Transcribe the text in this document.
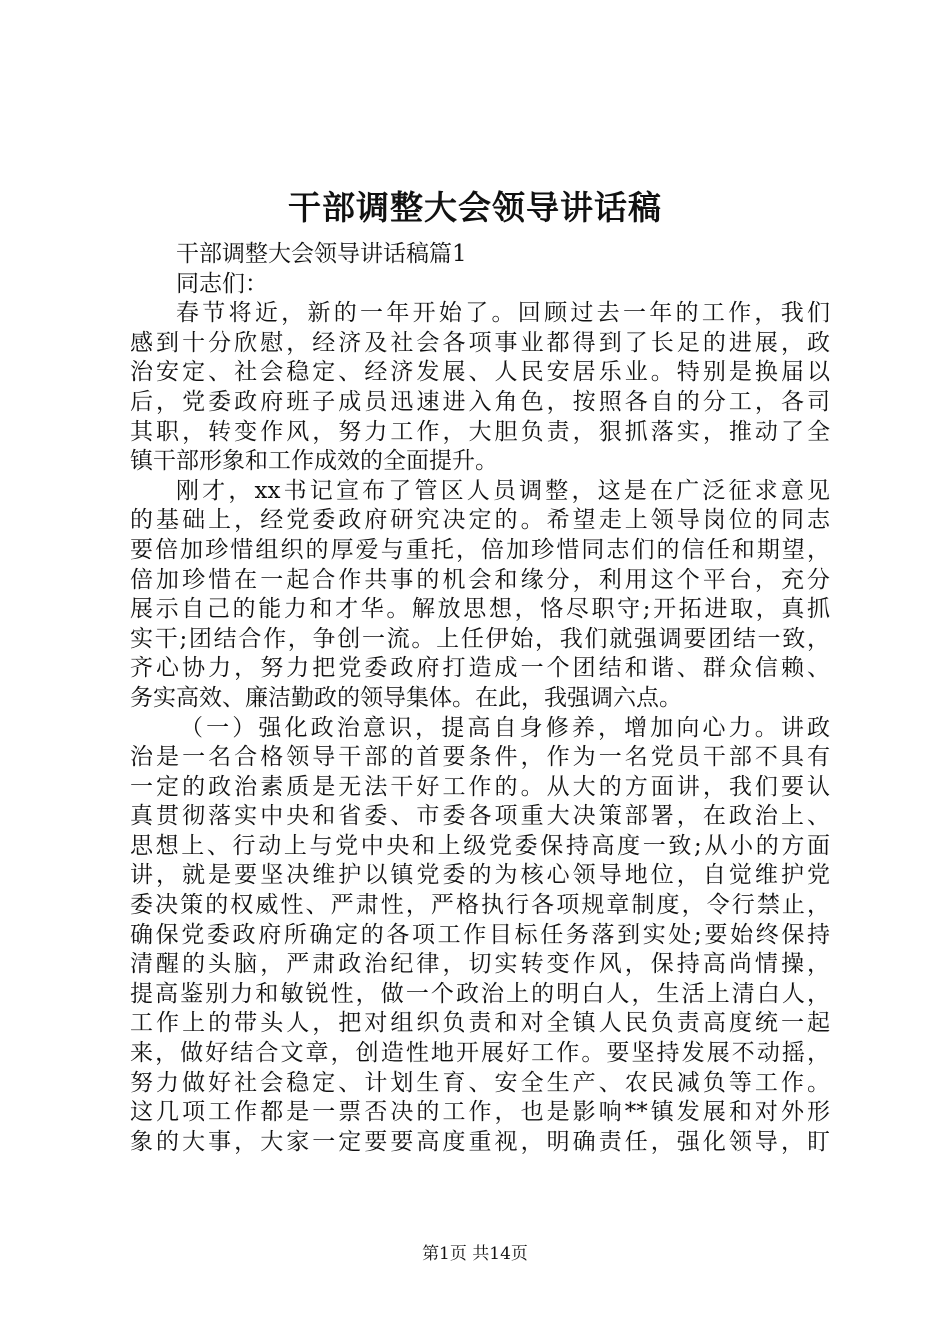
干部调整大会领导讲话稿
干部调整大会领导讲话稿篇1
同志们：
春节将近，新的一年开始了。回顾过去一年的工作，我们
感到十分欣慰，经济及社会各项事业都得到了长足的进展，政
治安定、社会稳定、经济发展、人民安居乐业。特别是换届以
后，党委政府班子成员迅速进入角色，按照各自的分工，各司
其职，转变作风，努力工作，大胆负责，狠抓落实，推动了全
镇干部形象和工作成效的全面提升。
刚才，xx书记宣布了管区人员调整，这是在广泛征求意见
的基础上，经党委政府研究决定的。希望走上领导岗位的同志
要倍加珍惜组织的厚爱与重托，倍加珍惜同志们的信任和期望，
倍加珍惜在一起合作共事的机会和缘分，利用这个平台，充分
展示自己的能力和才华。解放思想，恪尽职守;开拓进取，真抓
实干;团结合作，争创一流。上任伊始，我们就强调要团结一致，
齐心协力，努力把党委政府打造成一个团结和谐、群众信赖、
务实高效、廉洁勤政的领导集体。在此，我强调六点。
（一）强化政治意识，提高自身修养，增加向心力。讲政
治是一名合格领导干部的首要条件，作为一名党员干部不具有
一定的政治素质是无法干好工作的。从大的方面讲，我们要认
真贯彻落实中央和省委、市委各项重大决策部署，在政治上、
思想上、行动上与党中央和上级党委保持高度一致;从小的方面
讲，就是要坚决维护以镇党委的为核心领导地位，自觉维护党
委决策的权威性、严肃性，严格执行各项规章制度，令行禁止，
确保党委政府所确定的各项工作目标任务落到实处;要始终保持
清醒的头脑，严肃政治纪律，切实转变作风，保持高尚情操，
提高鉴别力和敏锐性，做一个政治上的明白人，生活上清白人，
工作上的带头人，把对组织负责和对全镇人民负责高度统一起
来，做好结合文章，创造性地开展好工作。要坚持发展不动摇，
努力做好社会稳定、计划生育、安全生产、农民减负等工作。
这几项工作都是一票否决的工作，也是影响**镇发展和对外形
象的大事，大家一定要要高度重视，明确责任，强化领导，盯
第1页 共14页
